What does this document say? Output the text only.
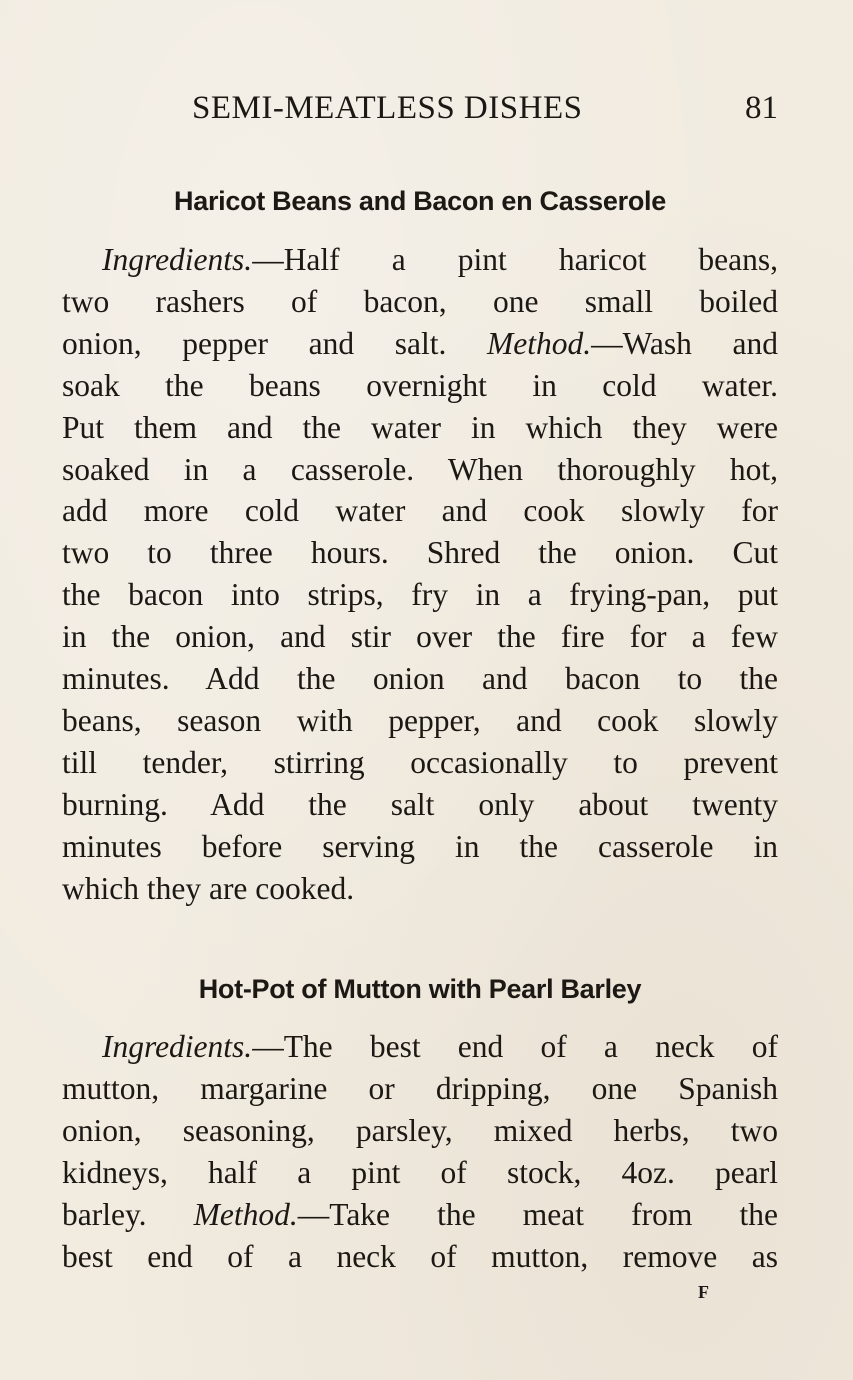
SEMI-MEATLESS DISHES	81
Haricot Beans and Bacon en Casserole
Ingredients.—Half a pint haricot beans,
two rashers of bacon, one small boiled
onion, pepper and salt. Method.—Wash and
soak the beans overnight in cold water.
Put them and the water in which they were
soaked in a casserole. When thoroughly hot,
add more cold water and cook slowly for
two to three hours. Shred the onion. Cut
the bacon into strips, fry in a frying-pan, put
in the onion, and stir over the fire for a few
minutes. Add the onion and bacon to the
beans, season with pepper, and cook slowly
till tender, stirring occasionally to prevent
burning. Add the salt only about twenty
minutes before serving in the casserole in
which they are cooked.
Hot-Pot of Mutton with Pearl Barley
Ingredients.—The best end of a neck of
mutton, margarine or dripping, one Spanish
onion, seasoning, parsley, mixed herbs, two
kidneys, half a pint of stock, 4oz. pearl
barley. Method.—Take the meat from the
best end of a neck of mutton, remove as
F
